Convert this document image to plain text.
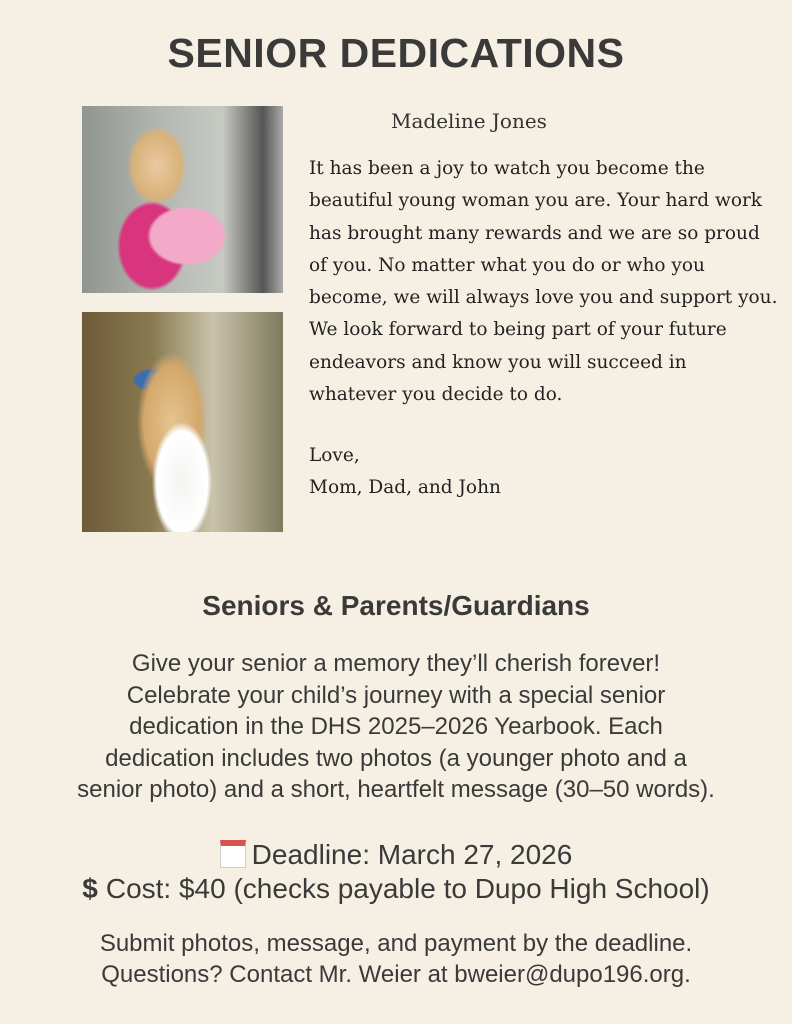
SENIOR DEDICATIONS
Madeline Jones

It has been a joy to watch you become the beautiful young woman you are. Your hard work has brought many rewards and we are so proud of you. No matter what you do or who you become, we will always love you and support you. We look forward to being part of your future endeavors and know you will succeed in whatever you decide to do.

Love,
Mom, Dad, and John
Seniors & Parents/Guardians
Give your senior a memory they’ll cherish forever!
Celebrate your child’s journey with a special senior
dedication in the DHS 2025–2026 Yearbook. Each
dedication includes two photos (a younger photo and a
senior photo) and a short, heartfelt message (30–50 words).
Deadline: March 27, 2026
$ Cost: $40 (checks payable to Dupo High School)
Submit photos, message, and payment by the deadline.
Questions? Contact Mr. Weier at bweier@dupo196.org.
